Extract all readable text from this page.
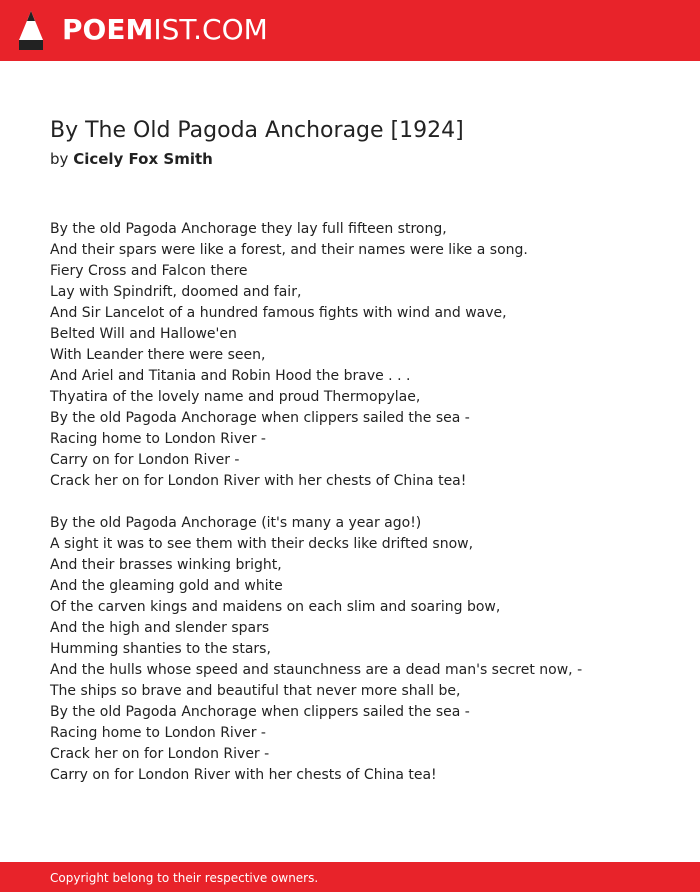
POEMIST.COM
By The Old Pagoda Anchorage [1924]
by Cicely Fox Smith
By the old Pagoda Anchorage they lay full fifteen strong,
And their spars were like a forest, and their names were like a song.
Fiery Cross and Falcon there
Lay with Spindrift, doomed and fair,
And Sir Lancelot of a hundred famous fights with wind and wave,
Belted Will and Hallowe'en
With Leander there were seen,
And Ariel and Titania and Robin Hood the brave . . .
Thyatira of the lovely name and proud Thermopylae,
By the old Pagoda Anchorage when clippers sailed the sea -
Racing home to London River -
Carry on for London River -
Crack her on for London River with her chests of China tea!
By the old Pagoda Anchorage (it's many a year ago!)
A sight it was to see them with their decks like drifted snow,
And their brasses winking bright,
And the gleaming gold and white
Of the carven kings and maidens on each slim and soaring bow,
And the high and slender spars
Humming shanties to the stars,
And the hulls whose speed and staunchness are a dead man's secret now, -
The ships so brave and beautiful that never more shall be,
By the old Pagoda Anchorage when clippers sailed the sea -
Racing home to London River -
Crack her on for London River -
Carry on for London River with her chests of China tea!
Copyright belong to their respective owners.
